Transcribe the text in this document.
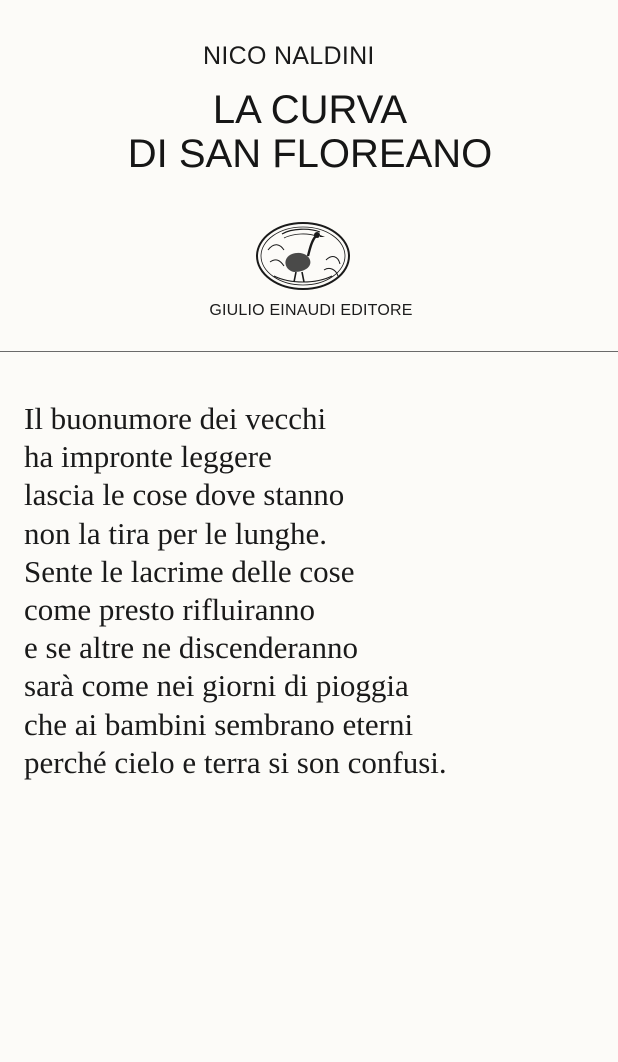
NICO NALDINI
LA CURVA
DI SAN FLOREANO
GIULIO EINAUDI EDITORE
Il buonumore dei vecchi
ha impronte leggere
lascia le cose dove stanno
non la tira per le lunghe.
Sente le lacrime delle cose
come presto rifluiranno
e se altre ne discenderanno
sarà come nei giorni di pioggia
che ai bambini sembrano eterni
perché cielo e terra si son confusi.
